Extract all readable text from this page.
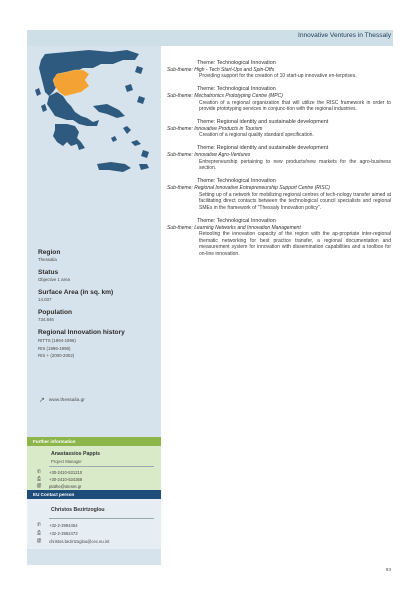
Innovative Ventures in Thessaly
Region
Thessalia
Status
Objective 1 area
Surface Area (in sq. km)
14.037
Population
734.846
Regional Innovation history
RITTS (1994-1996)
RIS (1996-1998)
RIS + (2000-2002)
↗ www.thessalia.gr
Further information
Anastassios Pappis
Project Manager
✆	+30-2410-531210
⎙	+30-2410-534368
@	ptathe@otenet.gr
EU Contact person
Christos Bezirtzoglou
✆	+32-2-2994454
⎙	+32-2-2962473
@	christos.bezirtzoglou@cec.eu.int
Theme: Technological Innovation
Sub-theme: High - Tech Start-Ups and Spin-Offs
Providing support for the creation of 10 start-up innovative en-terprises.
Theme: Technological Innovation
Sub-theme: Mechatronics Prototyping Centre (MPC)
Creation of a regional organization that will utilize the RISC framework in order to provide prototyping services in conjunc-tion with the regional industries.
Theme: Regional identity and sustainable development
Sub-theme: Innovative Products in Tourism
Creation of a regional quality standard specification.
Theme: Regional identity and sustainable development
Sub-theme: Innovative Agro-Ventures
Entrepreneurship pertaining to new products/new markets for the agro-business section.
Theme: Technological Innovation
Sub-theme: Regional Innovative Entrepreneurship Support Centre (RISC)
Setting up of a network for mobilizing regional centres of tech-nology transfer aimed at facilitating direct contacts between the technological council specialists and regional SMEs in the framework of "Thessaly Innovation policy".
Theme: Technological Innovation
Sub-theme: Learning Networks and Innovation Management
Retooling the innovation capacity of the region with the ap-propriate inter-regional thematic networking for best practice transfer, a regional documentation and measurement system for innovation with dissemination capabilities and a toolbox for on-line innovation.
93
